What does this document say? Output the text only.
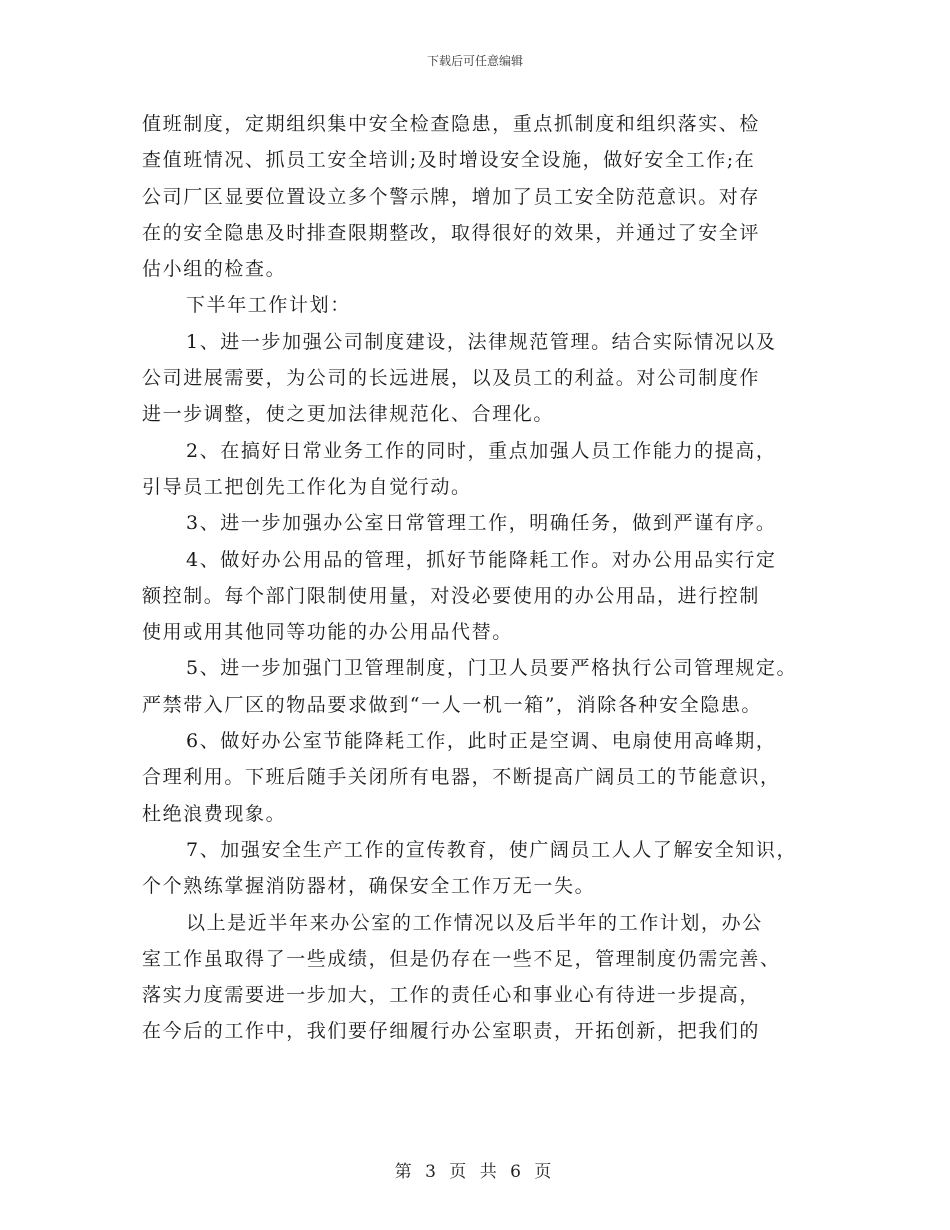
下载后可任意编辑

值班制度，定期组织集中安全检查隐患，重点抓制度和组织落实、检
查值班情况、抓员工安全培训;及时增设安全设施，做好安全工作;在
公司厂区显要位置设立多个警示牌，增加了员工安全防范意识。对存
在的安全隐患及时排查限期整改，取得很好的效果，并通过了安全评
估小组的检查。
下半年工作计划：
1、进一步加强公司制度建设，法律规范管理。结合实际情况以及
公司进展需要，为公司的长远进展，以及员工的利益。对公司制度作
进一步调整，使之更加法律规范化、合理化。
2、在搞好日常业务工作的同时，重点加强人员工作能力的提高，
引导员工把创先工作化为自觉行动。
3、进一步加强办公室日常管理工作，明确任务，做到严谨有序。
4、做好办公用品的管理，抓好节能降耗工作。对办公用品实行定
额控制。每个部门限制使用量，对没必要使用的办公用品，进行控制
使用或用其他同等功能的办公用品代替。
5、进一步加强门卫管理制度，门卫人员要严格执行公司管理规定。
严禁带入厂区的物品要求做到“一人一机一箱”，消除各种安全隐患。
6、做好办公室节能降耗工作，此时正是空调、电扇使用高峰期，
合理利用。下班后随手关闭所有电器，不断提高广阔员工的节能意识，
杜绝浪费现象。
7、加强安全生产工作的宣传教育，使广阔员工人人了解安全知识，
个个熟练掌握消防器材，确保安全工作万无一失。
以上是近半年来办公室的工作情况以及后半年的工作计划，办公
室工作虽取得了一些成绩，但是仍存在一些不足，管理制度仍需完善、
落实力度需要进一步加大，工作的责任心和事业心有待进一步提高，
在今后的工作中，我们要仔细履行办公室职责，开拓创新，把我们的

第 3 页 共 6 页
